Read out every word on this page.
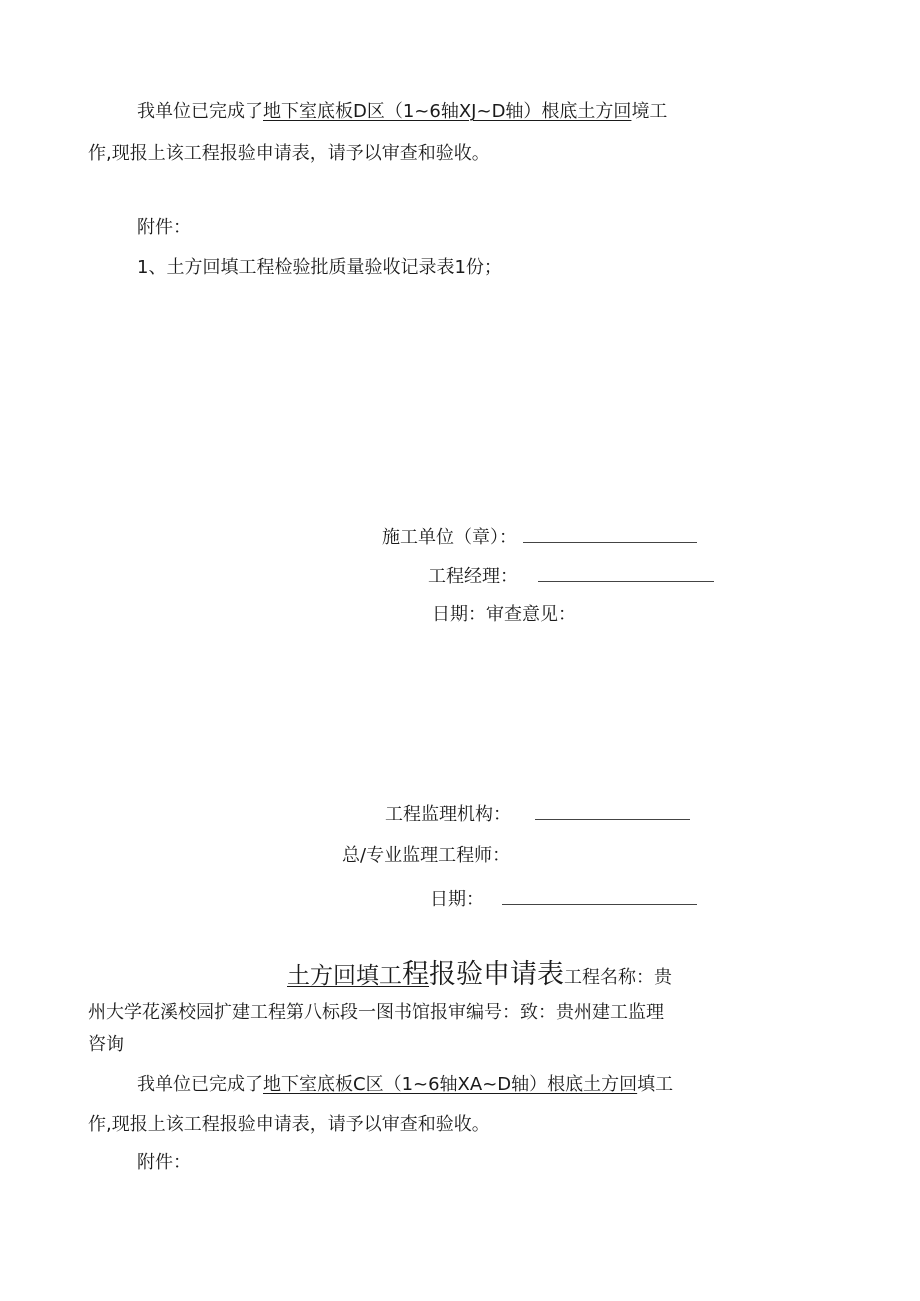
我单位已完成了地下室底板D区（1~6轴XJ~D轴）根底土方回境工
作,现报上该工程报验申请表，请予以审查和验收。
附件：
1、土方回填工程检验批质量验收记录表1份；
施工单位（章）：
工程经理：
日期：审查意见：
工程监理机构：
总/专业监理工程师：
日期：
土方回填工程报验申请表工程名称：贵
州大学花溪校园扩建工程第八标段一图书馆报审编号：致：贵州建工监理
咨询
我单位已完成了地下室底板C区（1~6轴XA~D轴）根底土方回填工
作,现报上该工程报验申请表，请予以审查和验收。
附件：
